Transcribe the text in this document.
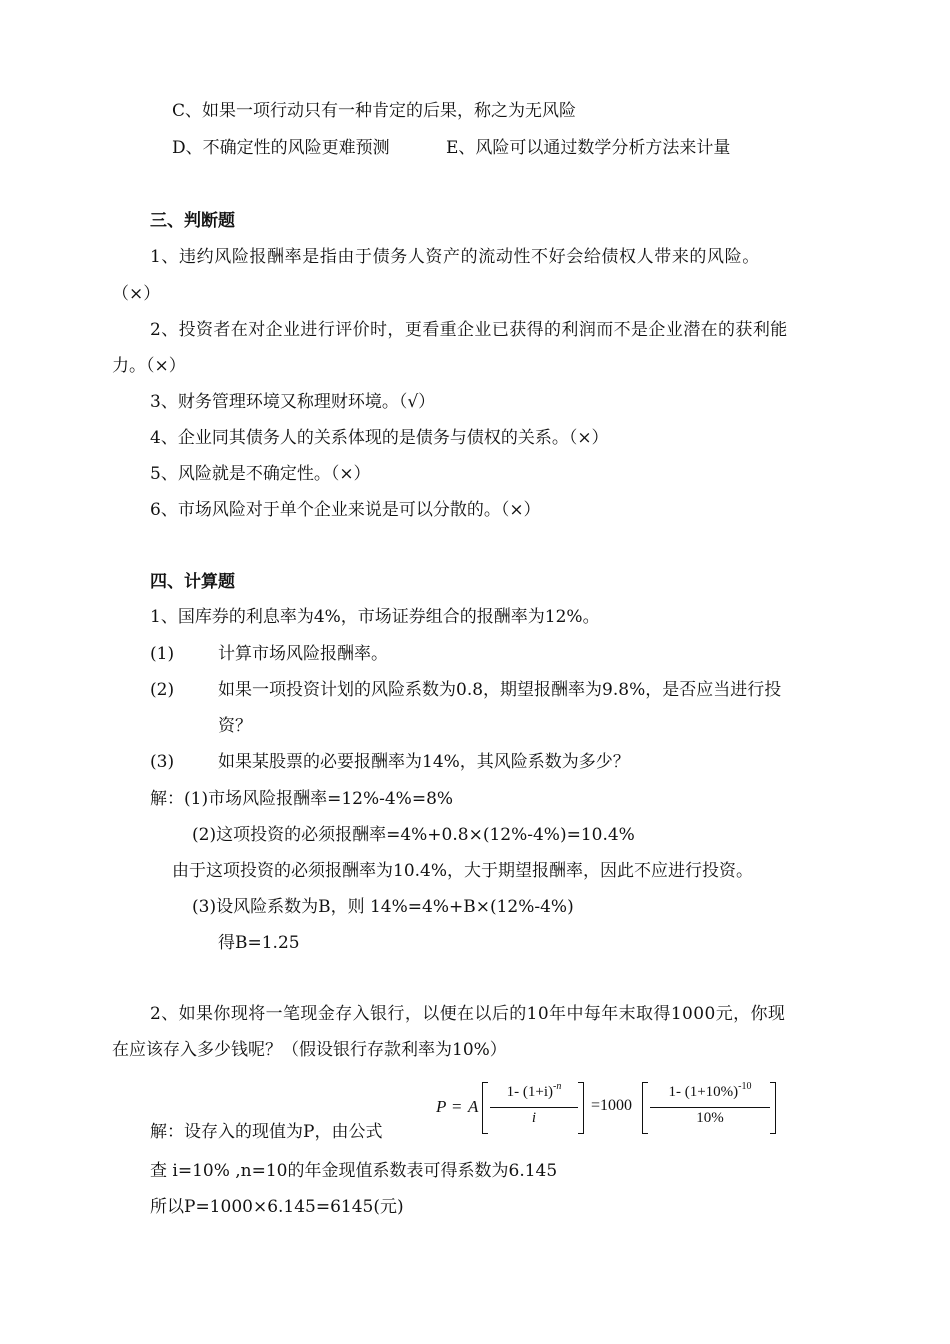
C、如果一项行动只有一种肯定的后果，称之为无风险
D、不确定性的风险更难预测	E、风险可以通过数学分析方法来计量
三、判断题
1、违约风险报酬率是指由于债务人资产的流动性不好会给债权人带来的风险。
（×）
2、投资者在对企业进行评价时，更看重企业已获得的利润而不是企业潜在的获利能
力。（×）
3、财务管理环境又称理财环境。（√）
4、企业同其债务人的关系体现的是债务与债权的关系。（×）
5、风险就是不确定性。（×）
6、市场风险对于单个企业来说是可以分散的。（×）
四、计算题
1、国库券的利息率为4%，市场证券组合的报酬率为12%。
(1)	计算市场风险报酬率。
(2)	如果一项投资计划的风险系数为0.8，期望报酬率为9.8%，是否应当进行投
资？
(3)	如果某股票的必要报酬率为14%，其风险系数为多少？
解：(1)市场风险报酬率=12%-4%=8%
(2)这项投资的必须报酬率=4%+0.8×(12%-4%)=10.4%
由于这项投资的必须报酬率为10.4%，大于期望报酬率，因此不应进行投资。
(3)设风险系数为B，则 14%=4%+B×(12%-4%)
得B=1.25
2、如果你现将一笔现金存入银行，以便在以后的10年中每年末取得1000元，你现
在应该存入多少钱呢？（假设银行存款利率为10%）
P = A
1- $(1+i)^{-n}$
i
=1000
1- $(1+10\%)^{-10}$
10%
解：设存入的现值为P，由公式
查 i=10% ,n=10的年金现值系数表可得系数为6.145
所以P=1000×6.145=6145(元)
